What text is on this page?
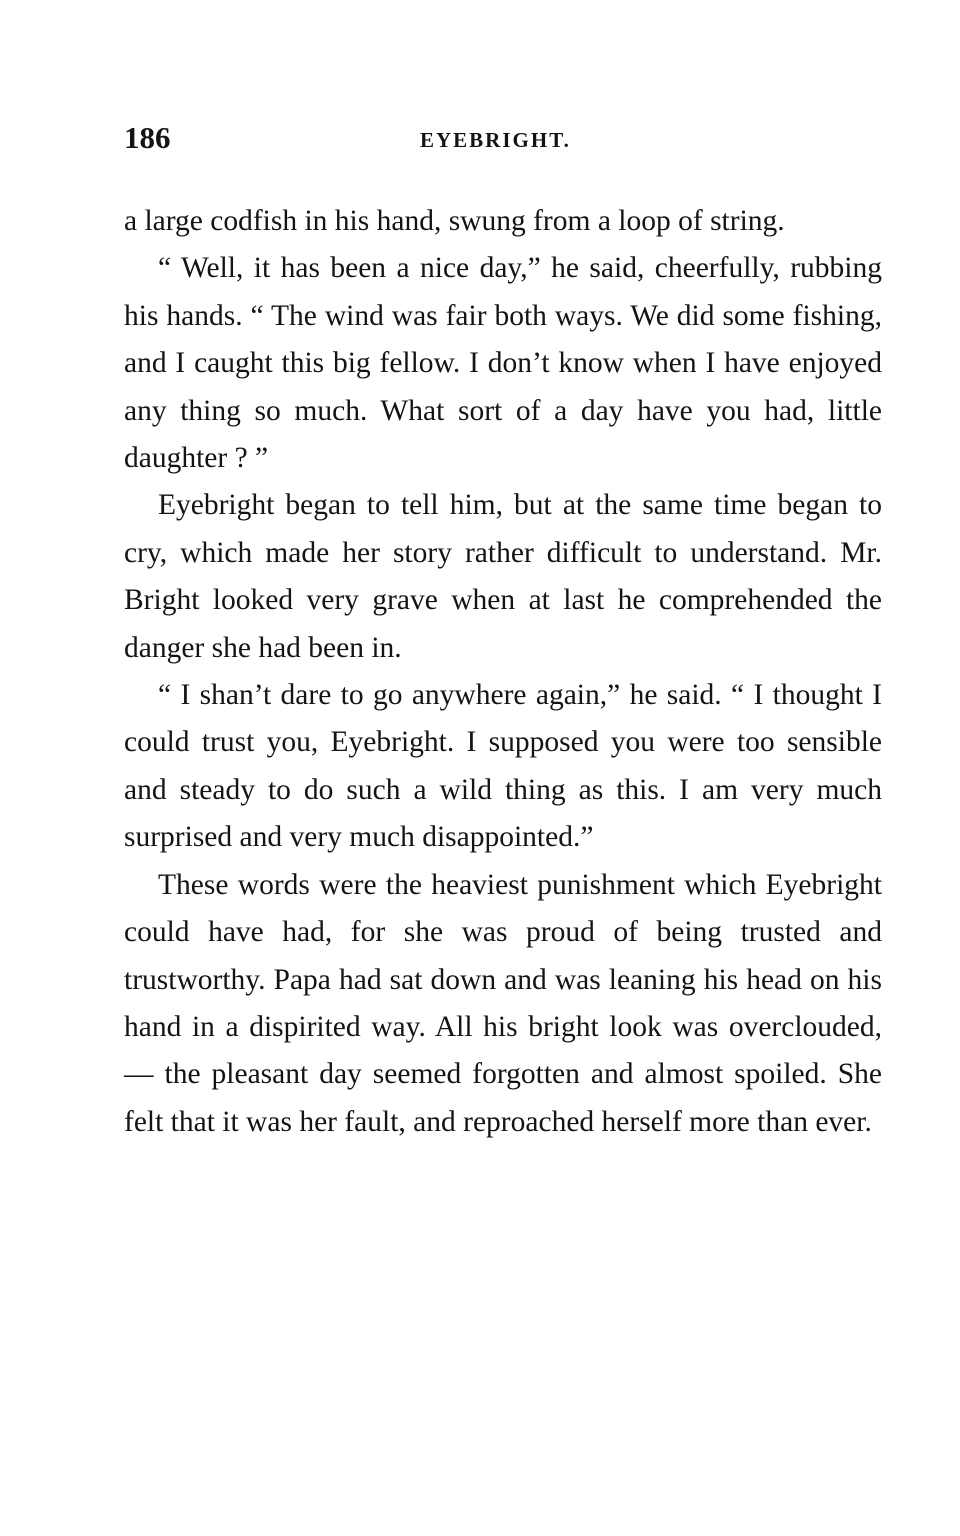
186	EYEBRIGHT.

a large codfish in his hand, swung from a loop of string.

“ Well, it has been a nice day,” he said, cheerfully, rubbing his hands. “ The wind was fair both ways. We did some fishing, and I caught this big fellow. I don’t know when I have enjoyed any thing so much. What sort of a day have you had, little daughter ? ”

Eyebright began to tell him, but at the same time began to cry, which made her story rather difficult to understand. Mr. Bright looked very grave when at last he comprehended the danger she had been in.

“ I shan’t dare to go anywhere again,” he said. “ I thought I could trust you, Eyebright. I supposed you were too sensible and steady to do such a wild thing as this. I am very much surprised and very much disappointed.”

These words were the heaviest punishment which Eyebright could have had, for she was proud of being trusted and trustworthy. Papa had sat down and was leaning his head on his hand in a dispirited way. All his bright look was overclouded, — the pleasant day seemed forgotten and almost spoiled. She felt that it was her fault, and reproached herself more than ever.
